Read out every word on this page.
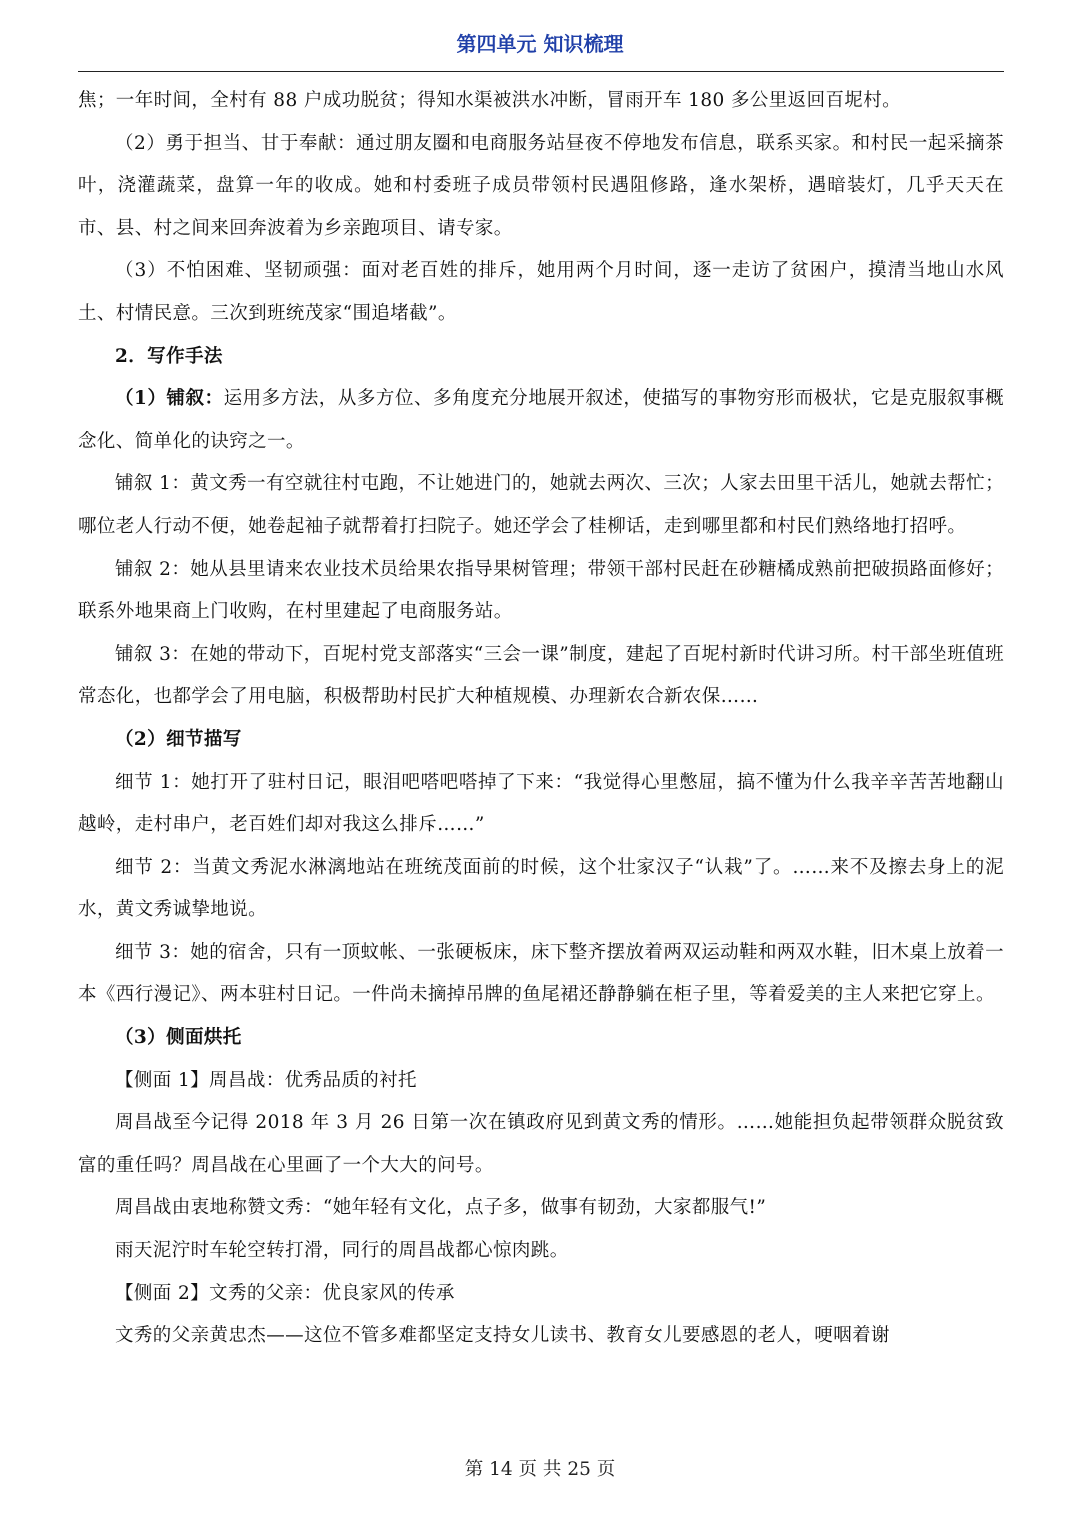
第四单元 知识梳理

焦；一年时间，全村有 88 户成功脱贫；得知水渠被洪水冲断，冒雨开车 180 多公里返回百坭村。

（2）勇于担当、甘于奉献：通过朋友圈和电商服务站昼夜不停地发布信息，联系买家。和村民一起采摘茶叶，浇灌蔬菜，盘算一年的收成。她和村委班子成员带领村民遇阻修路，逢水架桥，遇暗装灯，几乎天天在市、县、村之间来回奔波着为乡亲跑项目、请专家。

（3）不怕困难、坚韧顽强：面对老百姓的排斥，她用两个月时间，逐一走访了贫困户，摸清当地山水风土、村情民意。三次到班统茂家“围追堵截”。

2．写作手法

（1）铺叙：运用多方法，从多方位、多角度充分地展开叙述，使描写的事物穷形而极状，它是克服叙事概念化、简单化的诀窍之一。

铺叙 1：黄文秀一有空就往村屯跑，不让她进门的，她就去两次、三次；人家去田里干活儿，她就去帮忙；哪位老人行动不便，她卷起袖子就帮着打扫院子。她还学会了桂柳话，走到哪里都和村民们熟络地打招呼。

铺叙 2：她从县里请来农业技术员给果农指导果树管理；带领干部村民赶在砂糖橘成熟前把破损路面修好；联系外地果商上门收购，在村里建起了电商服务站。

铺叙 3：在她的带动下，百坭村党支部落实“三会一课”制度，建起了百坭村新时代讲习所。村干部坐班值班常态化，也都学会了用电脑，积极帮助村民扩大种植规模、办理新农合新农保……

（2）细节描写

细节 1：她打开了驻村日记，眼泪吧嗒吧嗒掉了下来：“我觉得心里憋屈，搞不懂为什么我辛辛苦苦地翻山越岭，走村串户，老百姓们却对我这么排斥……”

细节 2：当黄文秀泥水淋漓地站在班统茂面前的时候，这个壮家汉子“认栽”了。……来不及擦去身上的泥水，黄文秀诚挚地说。

细节 3：她的宿舍，只有一顶蚊帐、一张硬板床，床下整齐摆放着两双运动鞋和两双水鞋，旧木桌上放着一本《西行漫记》、两本驻村日记。一件尚未摘掉吊牌的鱼尾裙还静静躺在柜子里，等着爱美的主人来把它穿上。

（3）侧面烘托

【侧面 1】周昌战：优秀品质的衬托

周昌战至今记得 2018 年 3 月 26 日第一次在镇政府见到黄文秀的情形。……她能担负起带领群众脱贫致富的重任吗？周昌战在心里画了一个大大的问号。

周昌战由衷地称赞文秀：“她年轻有文化，点子多，做事有韧劲，大家都服气!”

雨天泥泞时车轮空转打滑，同行的周昌战都心惊肉跳。

【侧面 2】文秀的父亲：优良家风的传承

文秀的父亲黄忠杰——这位不管多难都坚定支持女儿读书、教育女儿要感恩的老人，哽咽着谢

第 14 页 共 25 页
